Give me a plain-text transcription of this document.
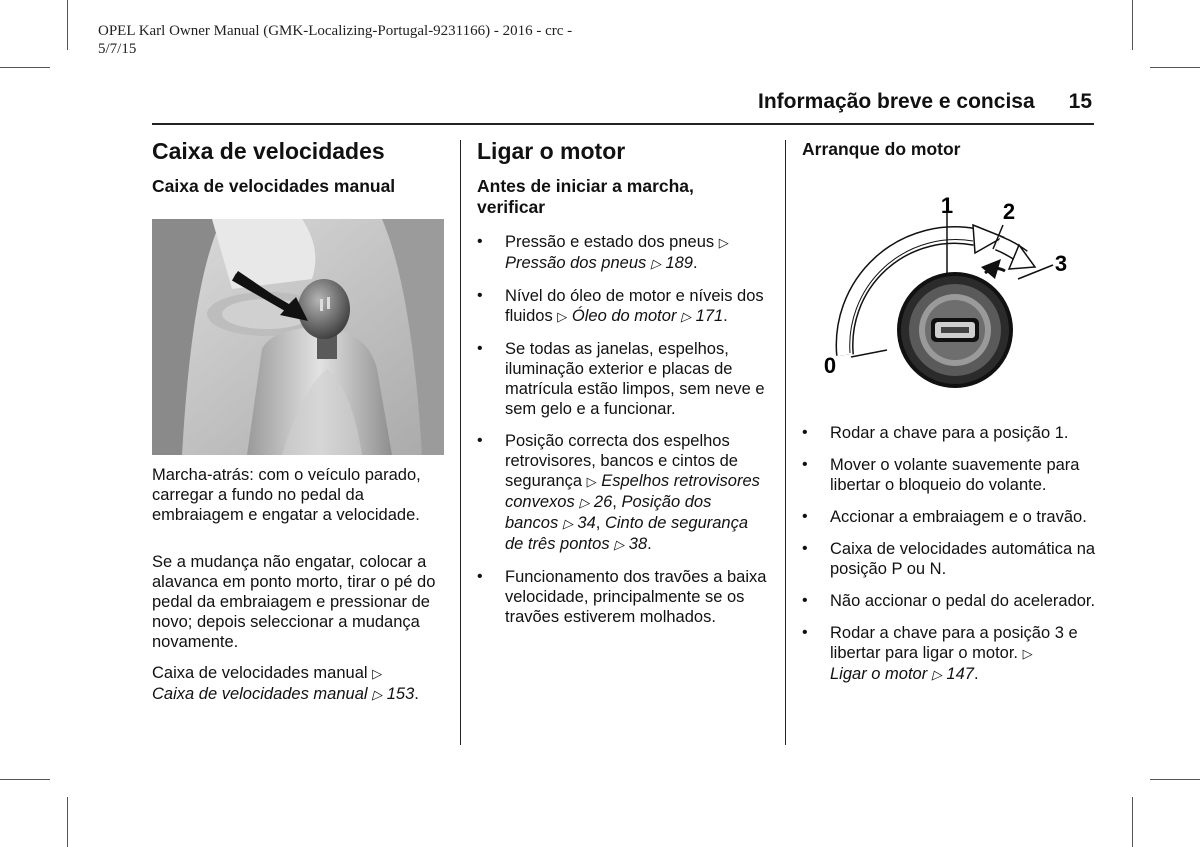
OPEL Karl Owner Manual (GMK-Localizing-Portugal-9231166) - 2016 - crc -
5/7/15
Informação breve e concisa 15
Caixa de velocidades
Caixa de velocidades manual
Marcha-atrás: com o veículo parado, carregar a fundo no pedal da embraiagem e engatar a velocidade.
Se a mudança não engatar, colocar a alavanca em ponto morto, tirar o pé do pedal da embraiagem e pressionar de novo; depois seleccionar a mudança novamente.
Caixa de velocidades manual ▷
Caixa de velocidades manual ▷ 153.
Ligar o motor
Antes de iniciar a marcha, verificar
• Pressão e estado dos pneus ▷
Pressão dos pneus ▷ 189.
• Nível do óleo de motor e níveis dos fluidos ▷ Óleo do motor ▷ 171.
• Se todas as janelas, espelhos, iluminação exterior e placas de matrícula estão limpos, sem neve e sem gelo e a funcionar.
• Posição correcta dos espelhos retrovisores, bancos e cintos de segurança ▷ Espelhos retrovisores convexos ▷ 26, Posição dos bancos ▷ 34, Cinto de segurança de três pontos ▷ 38.
• Funcionamento dos travões a baixa velocidade, principalmente se os travões estiverem molhados.
Arranque do motor
1 2
3
0
• Rodar a chave para a posição 1.
• Mover o volante suavemente para libertar o bloqueio do volante.
• Accionar a embraiagem e o travão.
• Caixa de velocidades automática na posição P ou N.
• Não accionar o pedal do acelerador.
• Rodar a chave para a posição 3 e libertar para ligar o motor. ▷
Ligar o motor ▷ 147.
